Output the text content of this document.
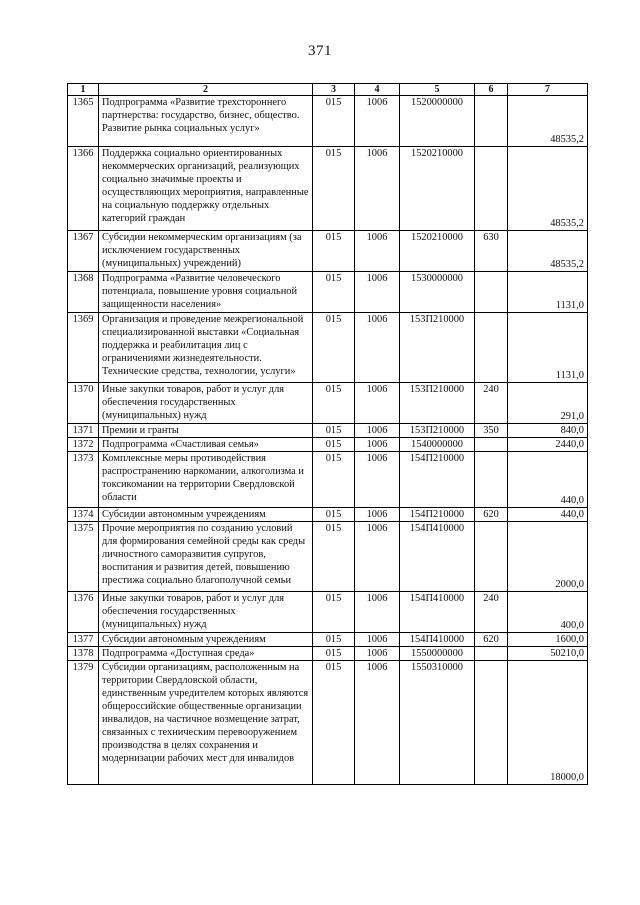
371
1	2	3	4	5	6	7
1365	Подпрограмма «Развитие трехстороннего партнерства: государство, бизнес, общество. Развитие рынка социальных услуг»	015	1006	1520000000		48535,2
1366	Поддержка социально ориентированных некоммерческих организаций, реализующих социально значимые проекты и осуществляющих мероприятия, направленные на социальную поддержку отдельных категорий граждан	015	1006	1520210000		48535,2
1367	Субсидии некоммерческим организациям (за исключением государственных (муниципальных) учреждений)	015	1006	1520210000	630	48535,2
1368	Подпрограмма «Развитие человеческого потенциала, повышение уровня социальной защищенности населения»	015	1006	1530000000		1131,0
1369	Организация и проведение межрегиональной специализированной выставки «Социальная поддержка и реабилитация лиц с ограничениями жизнедеятельности. Технические средства, технологии, услуги»	015	1006	153П210000		1131,0
1370	Иные закупки товаров, работ и услуг для обеспечения государственных (муниципальных) нужд	015	1006	153П210000	240	291,0
1371	Премии и гранты	015	1006	153П210000	350	840,0
1372	Подпрограмма «Счастливая семья»	015	1006	1540000000		2440,0
1373	Комплексные меры противодействия распространению наркомании, алкоголизма и токсикомании на территории Свердловской области	015	1006	154П210000		440,0
1374	Субсидии автономным учреждениям	015	1006	154П210000	620	440,0
1375	Прочие мероприятия по созданию условий для формирования семейной среды как среды личностного саморазвития супругов, воспитания и развития детей, повышению престижа социально благополучной семьи	015	1006	154П410000		2000,0
1376	Иные закупки товаров, работ и услуг для обеспечения государственных (муниципальных) нужд	015	1006	154П410000	240	400,0
1377	Субсидии автономным учреждениям	015	1006	154П410000	620	1600,0
1378	Подпрограмма «Доступная среда»	015	1006	1550000000		50210,0
1379	Субсидии организациям, расположенным на территории Свердловской области, единственным учредителем которых являются общероссийские общественные организации инвалидов, на частичное возмещение затрат, связанных с техническим перевооружением производства в целях сохранения и модернизации рабочих мест для инвалидов	015	1006	1550310000		18000,0
